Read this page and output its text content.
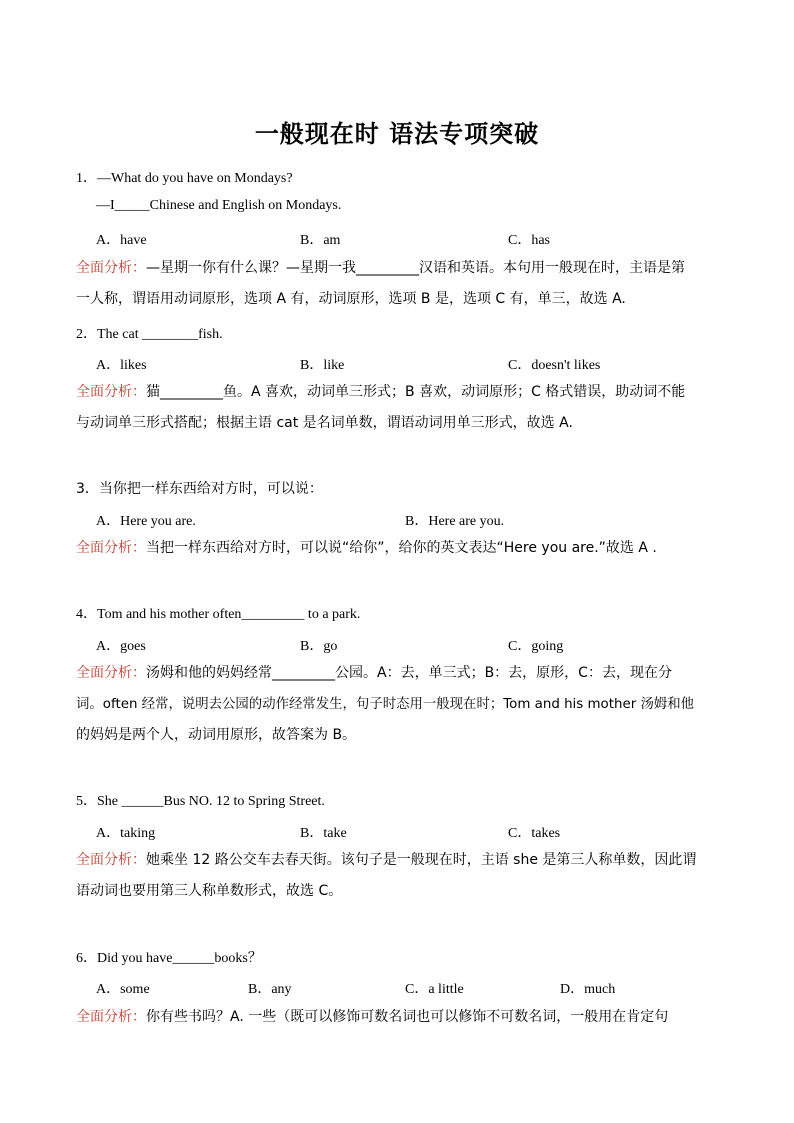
一般现在时 语法专项突破
1．—What do you have on Mondays?
—I_____Chinese and English on Mondays.
A．have	B．am	C．has
全面分析：—星期一你有什么课？—星期一我_________汉语和英语。本句用一般现在时，主语是第
一人称，谓语用动词原形，选项 A 有，动词原形，选项 B 是，选项 C 有，单三，故选 A.
2．The cat ________fish.
A．likes	B．like	C．doesn't likes
全面分析：猫_________鱼。A 喜欢，动词单三形式；B 喜欢，动词原形；C 格式错误，助动词不能
与动词单三形式搭配；根据主语 cat 是名词单数，谓语动词用单三形式，故选 A.
3．当你把一样东西给对方时，可以说：
A．Here you are.	B．Here are you.
全面分析：当把一样东西给对方时，可以说“给你”，给你的英文表达“Here you are.”故选 A .
4．Tom and his mother often_________ to a park.
A．goes	B．go	C．going
全面分析：汤姆和他的妈妈经常_________公园。A：去，单三式；B：去，原形，C：去，现在分
词。often 经常，说明去公园的动作经常发生，句子时态用一般现在时；Tom and his mother 汤姆和他
的妈妈是两个人，动词用原形，故答案为 B。
5．She ______Bus NO. 12 to Spring Street.
A．taking	B．take	C．takes
全面分析：她乘坐 12 路公交车去春天街。该句子是一般现在时，主语 she 是第三人称单数，因此谓
语动词也要用第三人称单数形式，故选 C。
6．Did you have______books？
A．some	B．any	C．a little	D．much
全面分析：你有些书吗？A. 一些（既可以修饰可数名词也可以修饰不可数名词，一般用在肯定句
